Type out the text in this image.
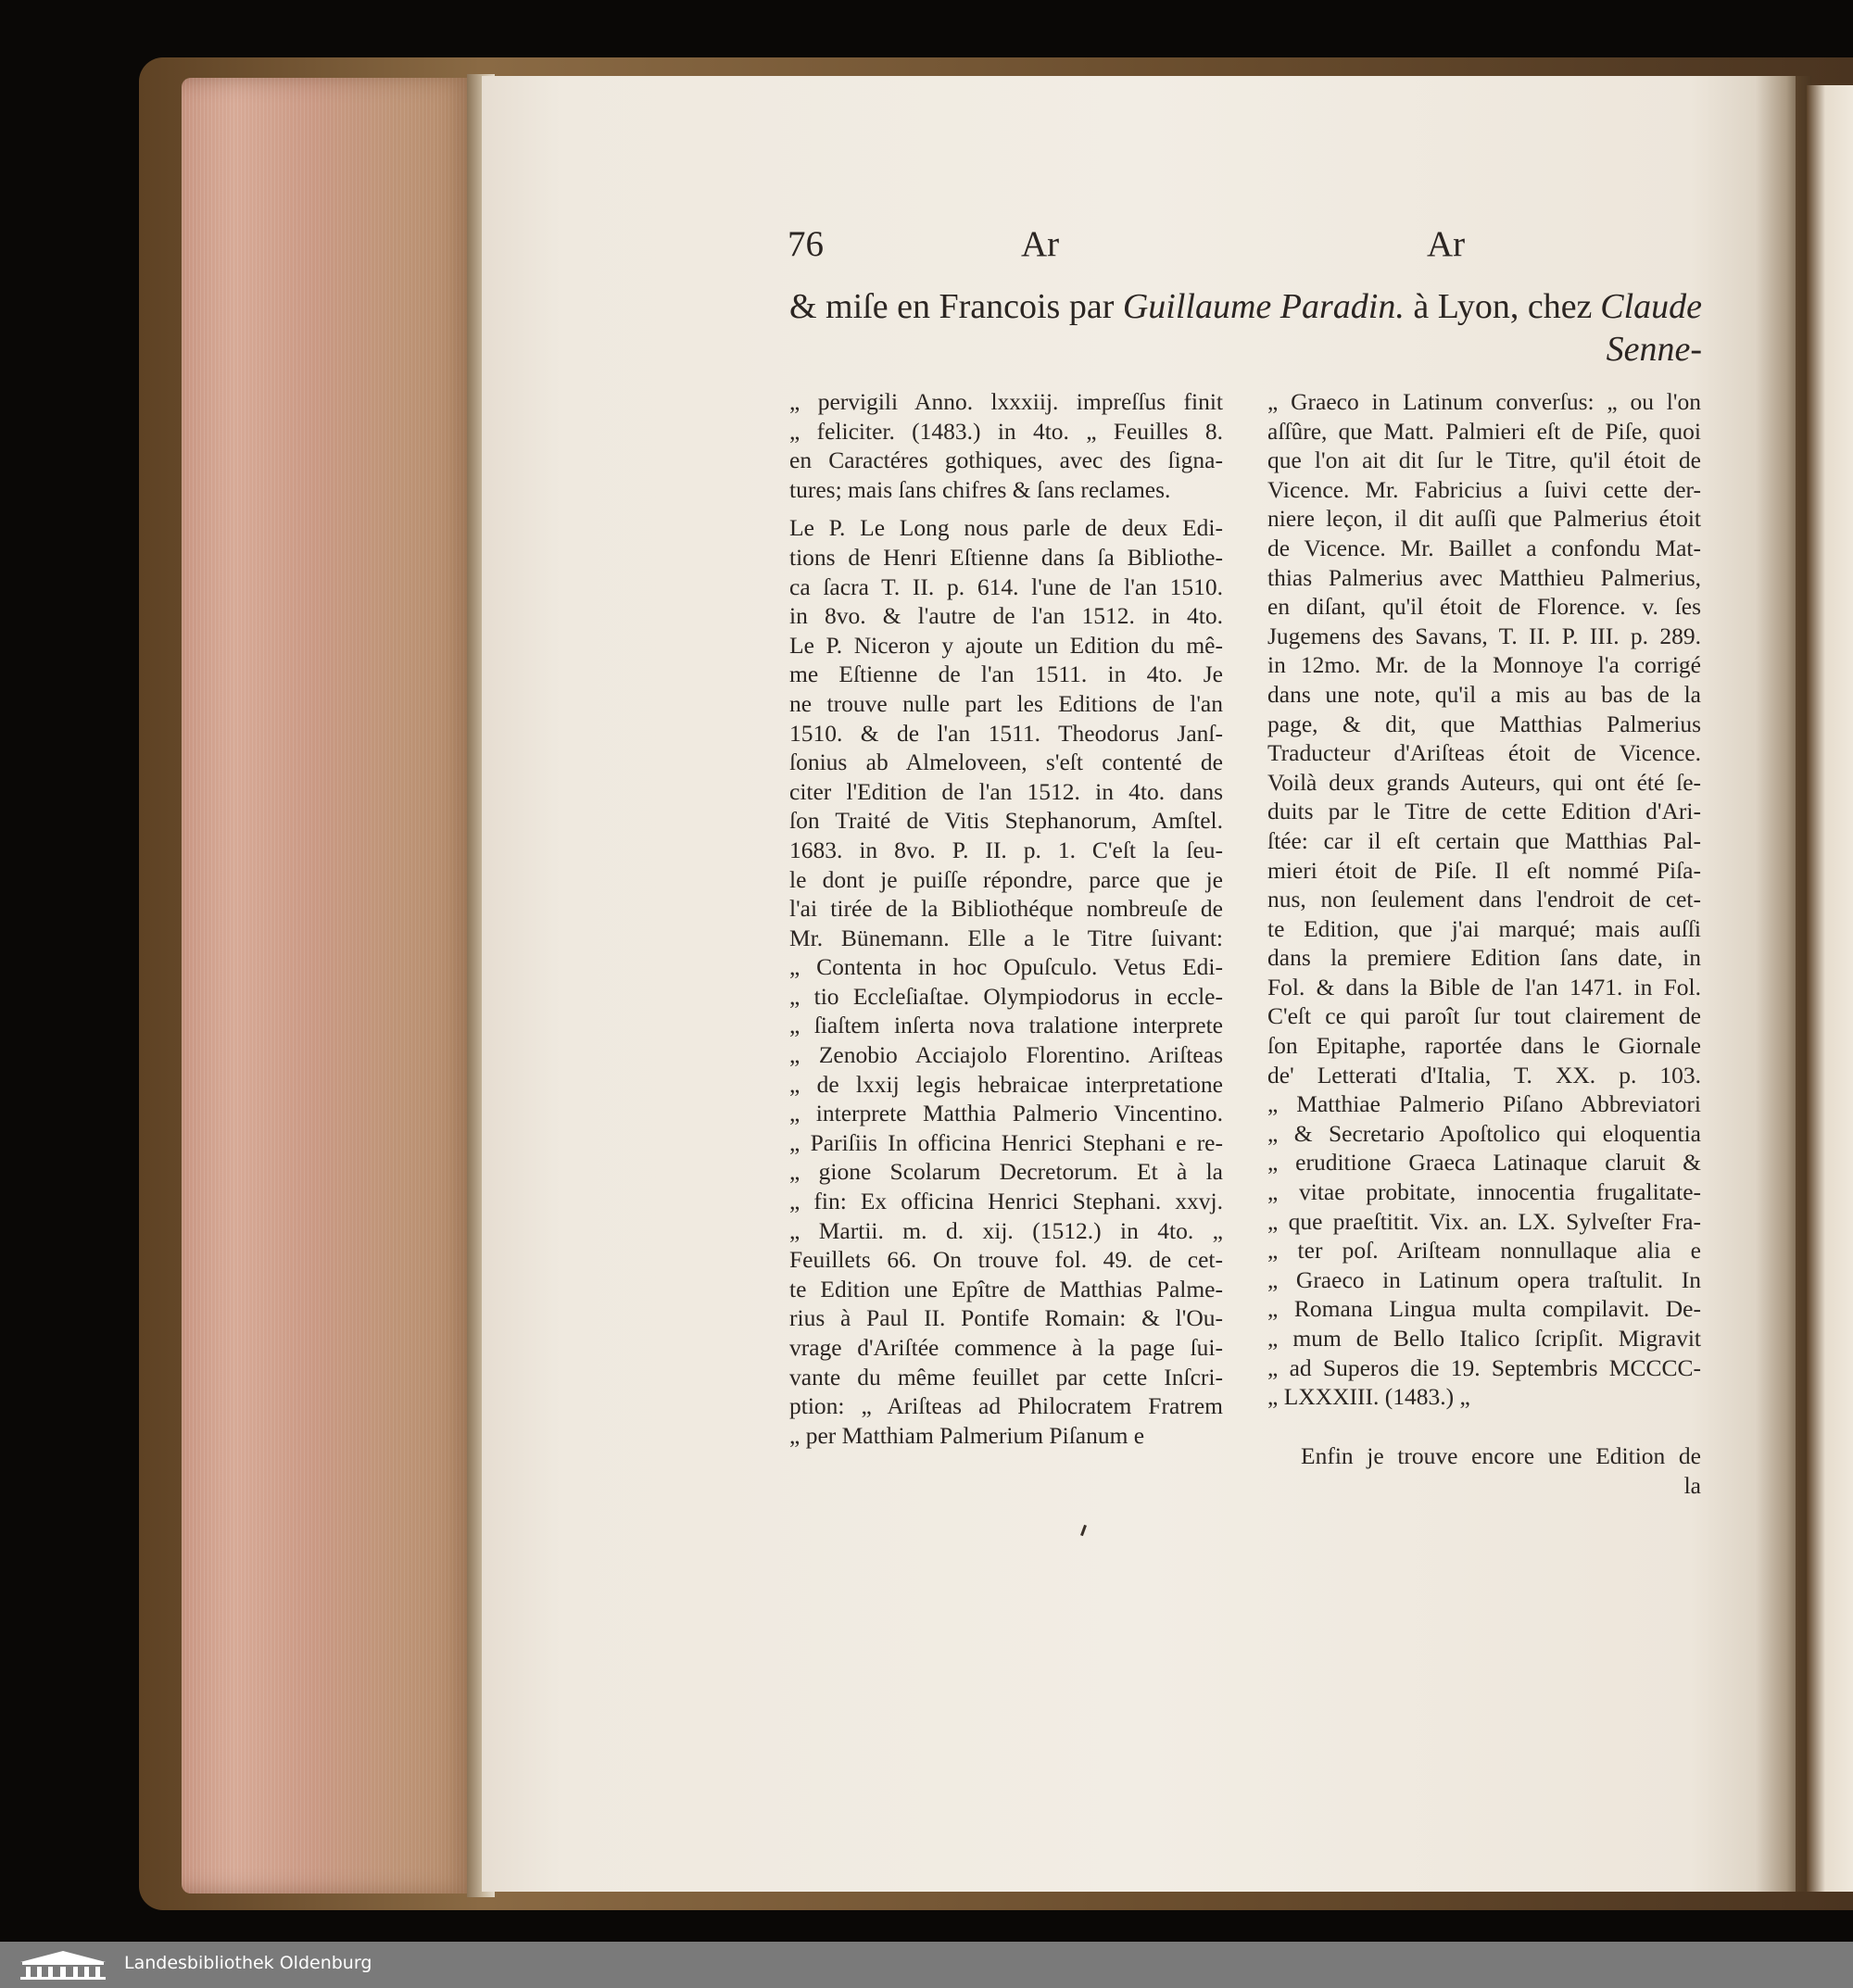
76	Ar	Ar
& miſe en Francois par Guillaume Paradin. à Lyon, chez Claude
Senne-
„ pervigili Anno. lxxxiij. impreſſus finit
„ feliciter. (1483.) in 4to. „ Feuilles 8.
en Caractéres gothiques, avec des ſigna-
tures; mais ſans chifres & ſans reclames.
Le P. Le Long nous parle de deux Edi-
tions de Henri Eſtienne dans ſa Bibliothe-
ca ſacra T. II. p. 614. l'une de l'an 1510.
in 8vo. & l'autre de l'an 1512. in 4to.
Le P. Niceron y ajoute un Edition du mê-
me Eſtienne de l'an 1511. in 4to. Je
ne trouve nulle part les Editions de l'an
1510. & de l'an 1511. Theodorus Janſ-
ſonius ab Almeloveen, s'eſt contenté de
citer l'Edition de l'an 1512. in 4to. dans
ſon Traité de Vitis Stephanorum, Amſtel.
1683. in 8vo. P. II. p. 1. C'eſt la ſeu-
le dont je puiſſe répondre, parce que je
l'ai tirée de la Bibliothéque nombreuſe de
Mr. Bünemann. Elle a le Titre ſuivant:
„ Contenta in hoc Opuſculo. Vetus Edi-
„ tio Eccleſiaſtae. Olympiodorus in eccle-
„ ſiaſtem inſerta nova tralatione interprete
„ Zenobio Acciajolo Florentino. Ariſteas
„ de lxxij legis hebraicae interpretatione
„ interprete Matthia Palmerio Vincentino.
„ Pariſiis In officina Henrici Stephani e re-
„ gione Scolarum Decretorum. Et à la
„ fin: Ex officina Henrici Stephani. xxvj.
„ Martii. m. d. xij. (1512.) in 4to. „
Feuillets 66. On trouve fol. 49. de cet-
te Edition une Epître de Matthias Palme-
rius à Paul II. Pontife Romain: & l'Ou-
vrage d'Ariſtée commence à la page ſui-
vante du même feuillet par cette Inſcri-
ption: „ Ariſteas ad Philocratem Fratrem
„ per Matthiam Palmerium Piſanum e
„ Graeco in Latinum converſus: „ ou l'on
aſſûre, que Matt. Palmieri eſt de Piſe, quoi
que l'on ait dit ſur le Titre, qu'il étoit de
Vicence. Mr. Fabricius a ſuivi cette der-
niere leçon, il dit auſſi que Palmerius étoit
de Vicence. Mr. Baillet a confondu Mat-
thias Palmerius avec Matthieu Palmerius,
en diſant, qu'il étoit de Florence. v. ſes
Jugemens des Savans, T. II. P. III. p. 289.
in 12mo. Mr. de la Monnoye l'a corrigé
dans une note, qu'il a mis au bas de la
page, & dit, que Matthias Palmerius
Traducteur d'Ariſteas étoit de Vicence.
Voilà deux grands Auteurs, qui ont été ſe-
duits par le Titre de cette Edition d'Ari-
ſtée: car il eſt certain que Matthias Pal-
mieri étoit de Piſe. Il eſt nommé Piſa-
nus, non ſeulement dans l'endroit de cet-
te Edition, que j'ai marqué; mais auſſi
dans la premiere Edition ſans date, in
Fol. & dans la Bible de l'an 1471. in Fol.
C'eſt ce qui paroît ſur tout clairement de
ſon Epitaphe, raportée dans le Giornale
de' Letterati d'Italia, T. XX. p. 103.
„ Matthiae Palmerio Piſano Abbreviatori
„ & Secretario Apoſtolico qui eloquentia
„ eruditione Graeca Latinaque claruit &
„ vitae probitate, innocentia frugalitate-
„ que praeſtitit. Vix. an. LX. Sylveſter Fra-
„ ter poſ. Ariſteam nonnullaque alia e
„ Graeco in Latinum opera traſtulit. In
„ Romana Lingua multa compilavit. De-
„ mum de Bello Italico ſcripſit. Migravit
„ ad Superos die 19. Septembris MCCCC-
„ LXXXIII. (1483.) „
Enfin je trouve encore une Edition de
la
Landesbibliothek Oldenburg
